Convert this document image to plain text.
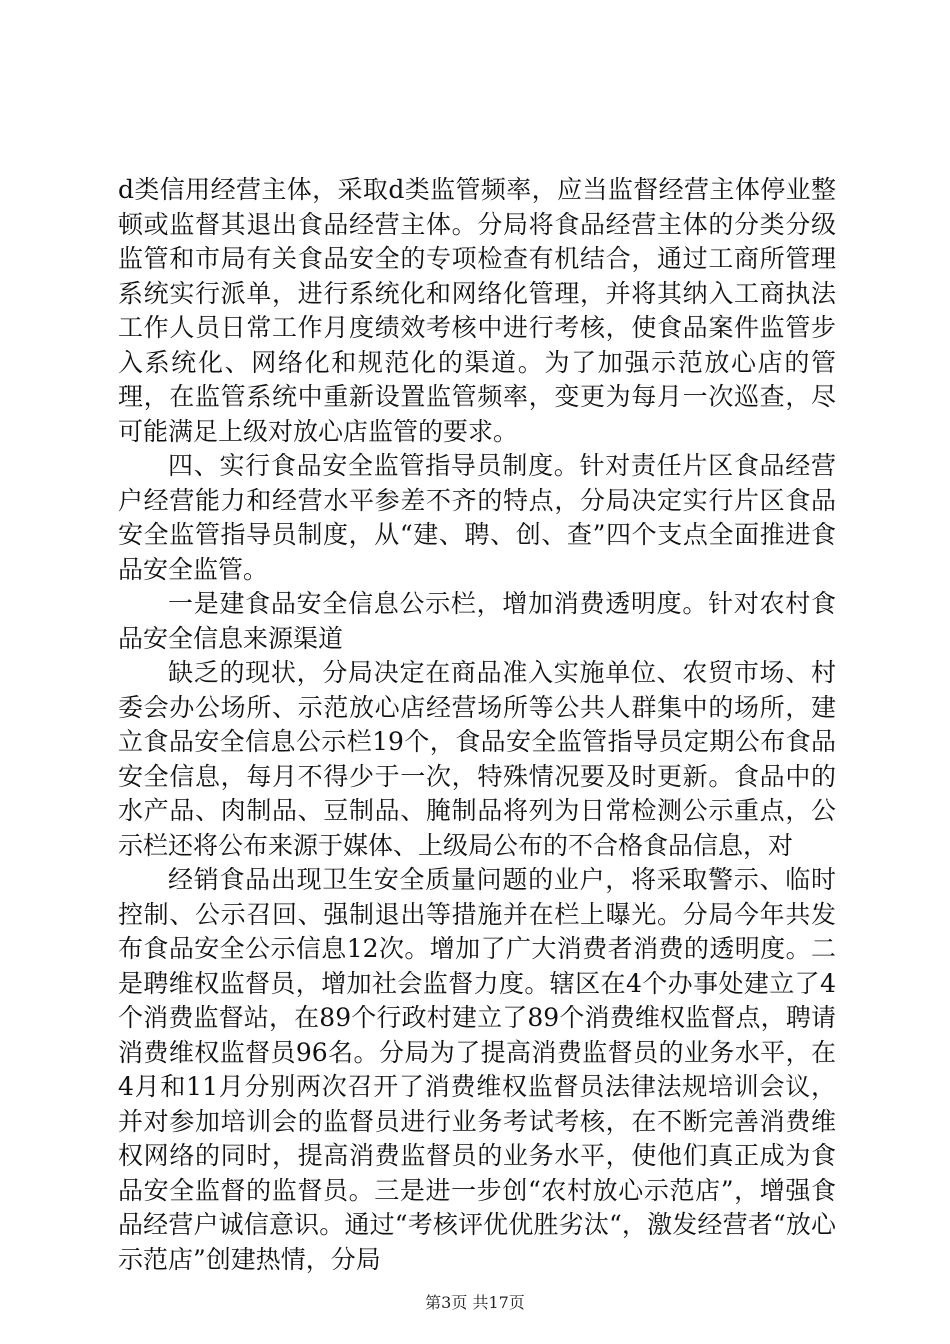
d类信用经营主体，采取d类监管频率，应当监督经营主体停业整顿或监督其退出食品经营主体。分局将食品经营主体的分类分级监管和市局有关食品安全的专项检查有机结合，通过工商所管理系统实行派单，进行系统化和网络化管理，并将其纳入工商执法工作人员日常工作月度绩效考核中进行考核，使食品案件监管步入系统化、网络化和规范化的渠道。为了加强示范放心店的管理，在监管系统中重新设置监管频率，变更为每月一次巡查，尽可能满足上级对放心店监管的要求。

四、实行食品安全监管指导员制度。针对责任片区食品经营户经营能力和经营水平参差不齐的特点，分局决定实行片区食品安全监管指导员制度，从“建、聘、创、查”四个支点全面推进食品安全监管。

一是建食品安全信息公示栏，增加消费透明度。针对农村食品安全信息来源渠道

缺乏的现状，分局决定在商品准入实施单位、农贸市场、村委会办公场所、示范放心店经营场所等公共人群集中的场所，建立食品安全信息公示栏19个，食品安全监管指导员定期公布食品安全信息，每月不得少于一次，特殊情况要及时更新。食品中的水产品、肉制品、豆制品、腌制品将列为日常检测公示重点，公示栏还将公布来源于媒体、上级局公布的不合格食品信息，对

经销食品出现卫生安全质量问题的业户，将采取警示、临时控制、公示召回、强制退出等措施并在栏上曝光。分局今年共发布食品安全公示信息12次。增加了广大消费者消费的透明度。二是聘维权监督员，增加社会监督力度。辖区在4个办事处建立了4个消费监督站，在89个行政村建立了89个消费维权监督点，聘请消费维权监督员96名。分局为了提高消费监督员的业务水平，在4月和11月分别两次召开了消费维权监督员法律法规培训会议，并对参加培训会的监督员进行业务考试考核，在不断完善消费维权网络的同时，提高消费监督员的业务水平，使他们真正成为食品安全监督的监督员。三是进一步创“农村放心示范店”，增强食品经营户诚信意识。通过“考核评优优胜劣汰“，激发经营者“放心示范店”创建热情，分局

第3页 共17页
